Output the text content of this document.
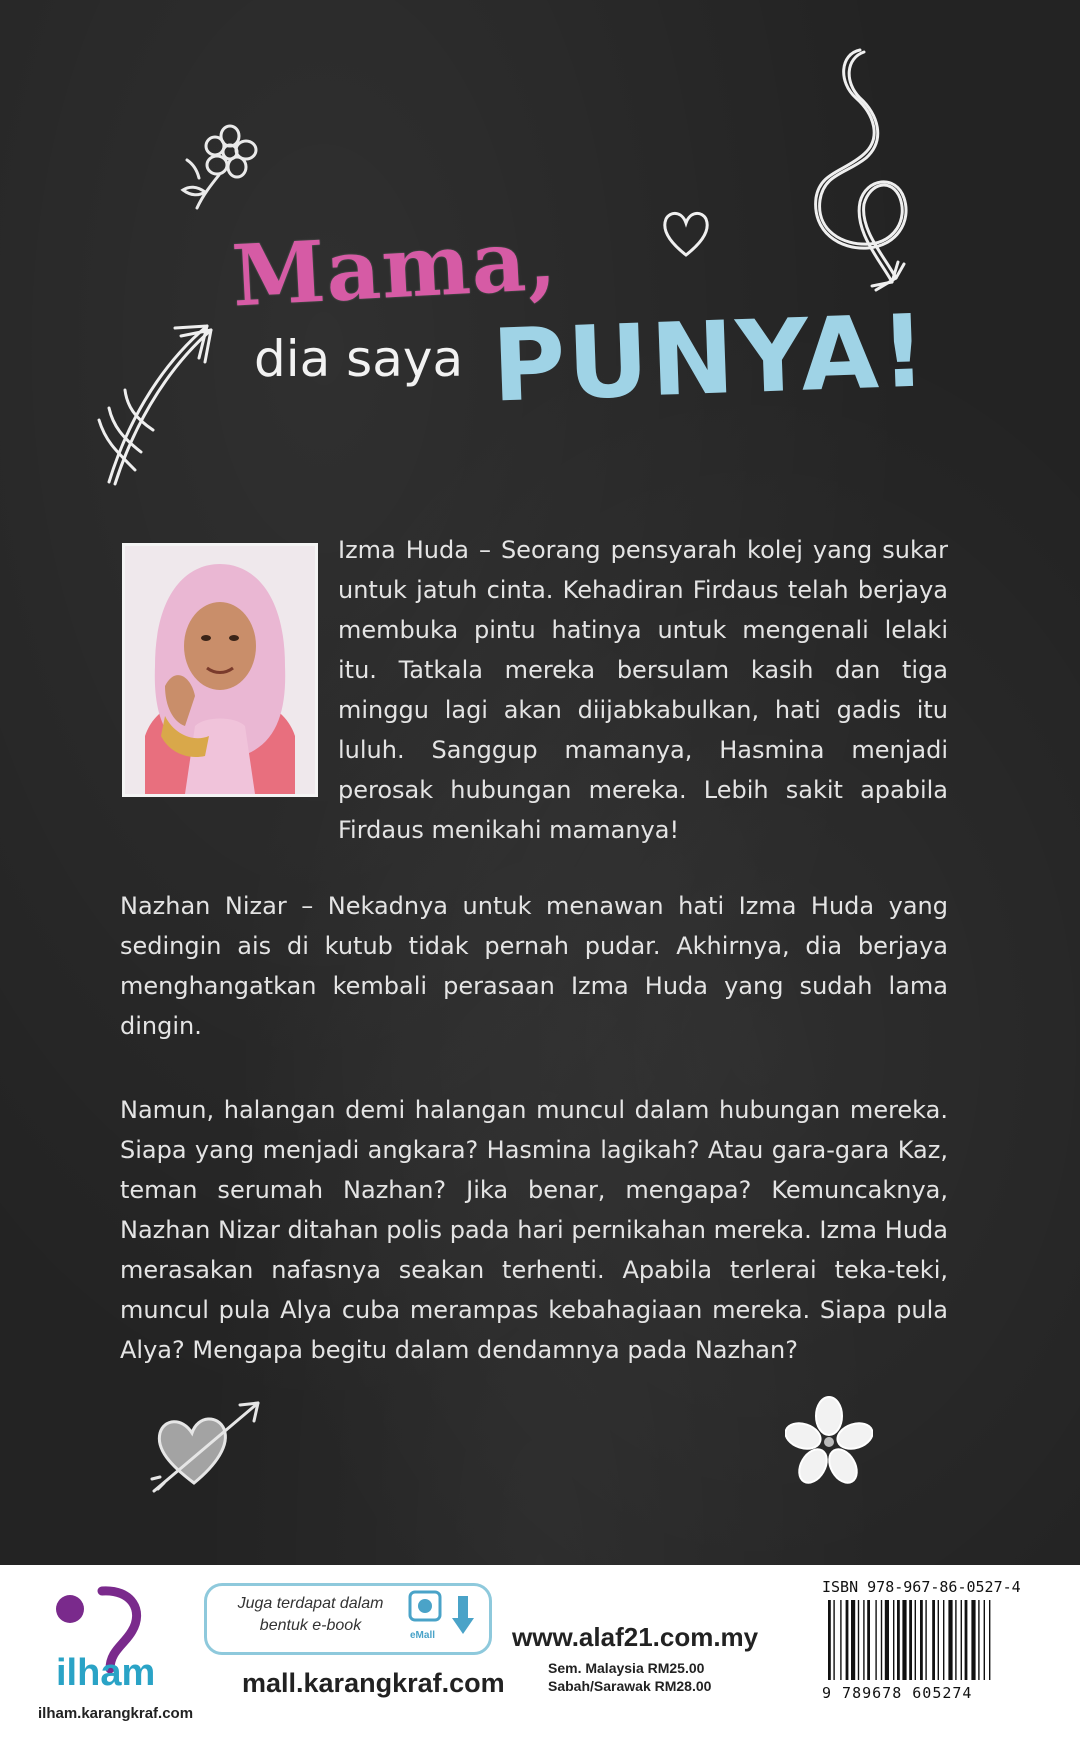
Mama,
dia saya PUNYA!
Izma Huda – Seorang pensyarah kolej yang sukar untuk jatuh cinta. Kehadiran Firdaus telah berjaya membuka pintu hatinya untuk mengenali lelaki itu. Tatkala mereka bersulam kasih dan tiga minggu lagi akan diijabkabulkan, hati gadis itu luluh. Sanggup mamanya, Hasmina menjadi perosak hubungan mereka. Lebih sakit apabila Firdaus menikahi mamanya!
Nazhan Nizar – Nekadnya untuk menawan hati Izma Huda yang sedingin ais di kutub tidak pernah pudar. Akhirnya, dia berjaya menghangatkan kembali perasaan Izma Huda yang sudah lama dingin.
Namun, halangan demi halangan muncul dalam hubungan mereka. Siapa yang menjadi angkara? Hasmina lagikah? Atau gara-gara Kaz, teman serumah Nazhan? Jika benar, mengapa? Kemuncaknya, Nazhan Nizar ditahan polis pada hari pernikahan mereka. Izma Huda merasakan nafasnya seakan terhenti. Apabila terlerai teka-teki, muncul pula Alya cuba merampas kebahagiaan mereka. Siapa pula Alya? Mengapa begitu dalam dendamnya pada Nazhan?
ilham
ilham.karangkraf.com
Juga terdapat dalam
bentuk e-book
eMall	www.alaf21.com.my
mall.karangkraf.com	Sem. Malaysia RM25.00
Sabah/Sarawak RM28.00
ISBN 978-967-86-0527-4
9 789678 605274
